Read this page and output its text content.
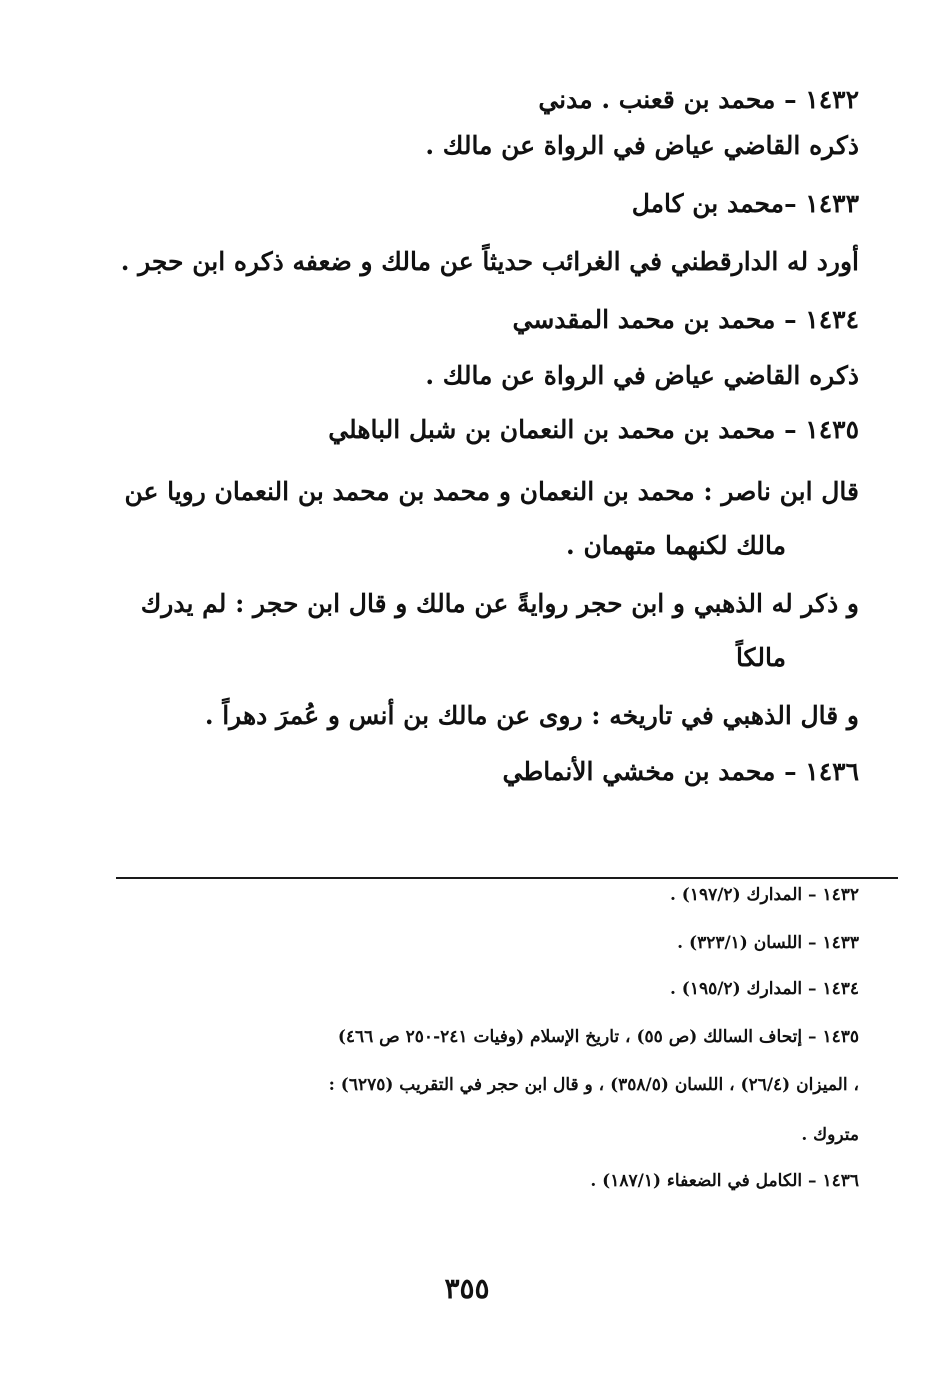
١٤٣٢ – محمد بن قعنب . مدني
ذكره القاضي عياض في الرواة عن مالك .
١٤٣٣ –محمد بن كامل
أورد له الدارقطني في الغرائب حديثاً عن مالك و ضعفه ذكره ابن حجر .
١٤٣٤ – محمد بن محمد المقدسي
ذكره القاضي عياض في الرواة عن مالك .
١٤٣٥ – محمد بن محمد بن النعمان بن شبل الباهلي
قال ابن ناصر : محمد بن النعمان و محمد بن محمد بن النعمان رويا عن
مالك لكنهما متهمان .
و ذكر له الذهبي و ابن حجر روايةً عن مالك و قال ابن حجر : لم يدرك
مالكاً
و قال الذهبي في تاريخه : روى عن مالك بن أنس و عُمرَ دهراً .
١٤٣٦ – محمد بن مخشي الأنماطي
١٤٣٢ – المدارك (١٩٧/٢) .
١٤٣٣ – اللسان (٣٢٣/١) .
١٤٣٤ – المدارك (١٩٥/٢) .
١٤٣٥ – إتحاف السالك (ص ٥٥) ، تاريخ الإسلام (وفيات ٢٤١-٢٥٠ ص ٤٦٦)
، الميزان (٢٦/٤) ، اللسان (٣٥٨/٥) ، و قال ابن حجر في التقريب (٦٢٧٥) :
متروك .
١٤٣٦ – الكامل في الضعفاء (١٨٧/١) .
٣٥٥
